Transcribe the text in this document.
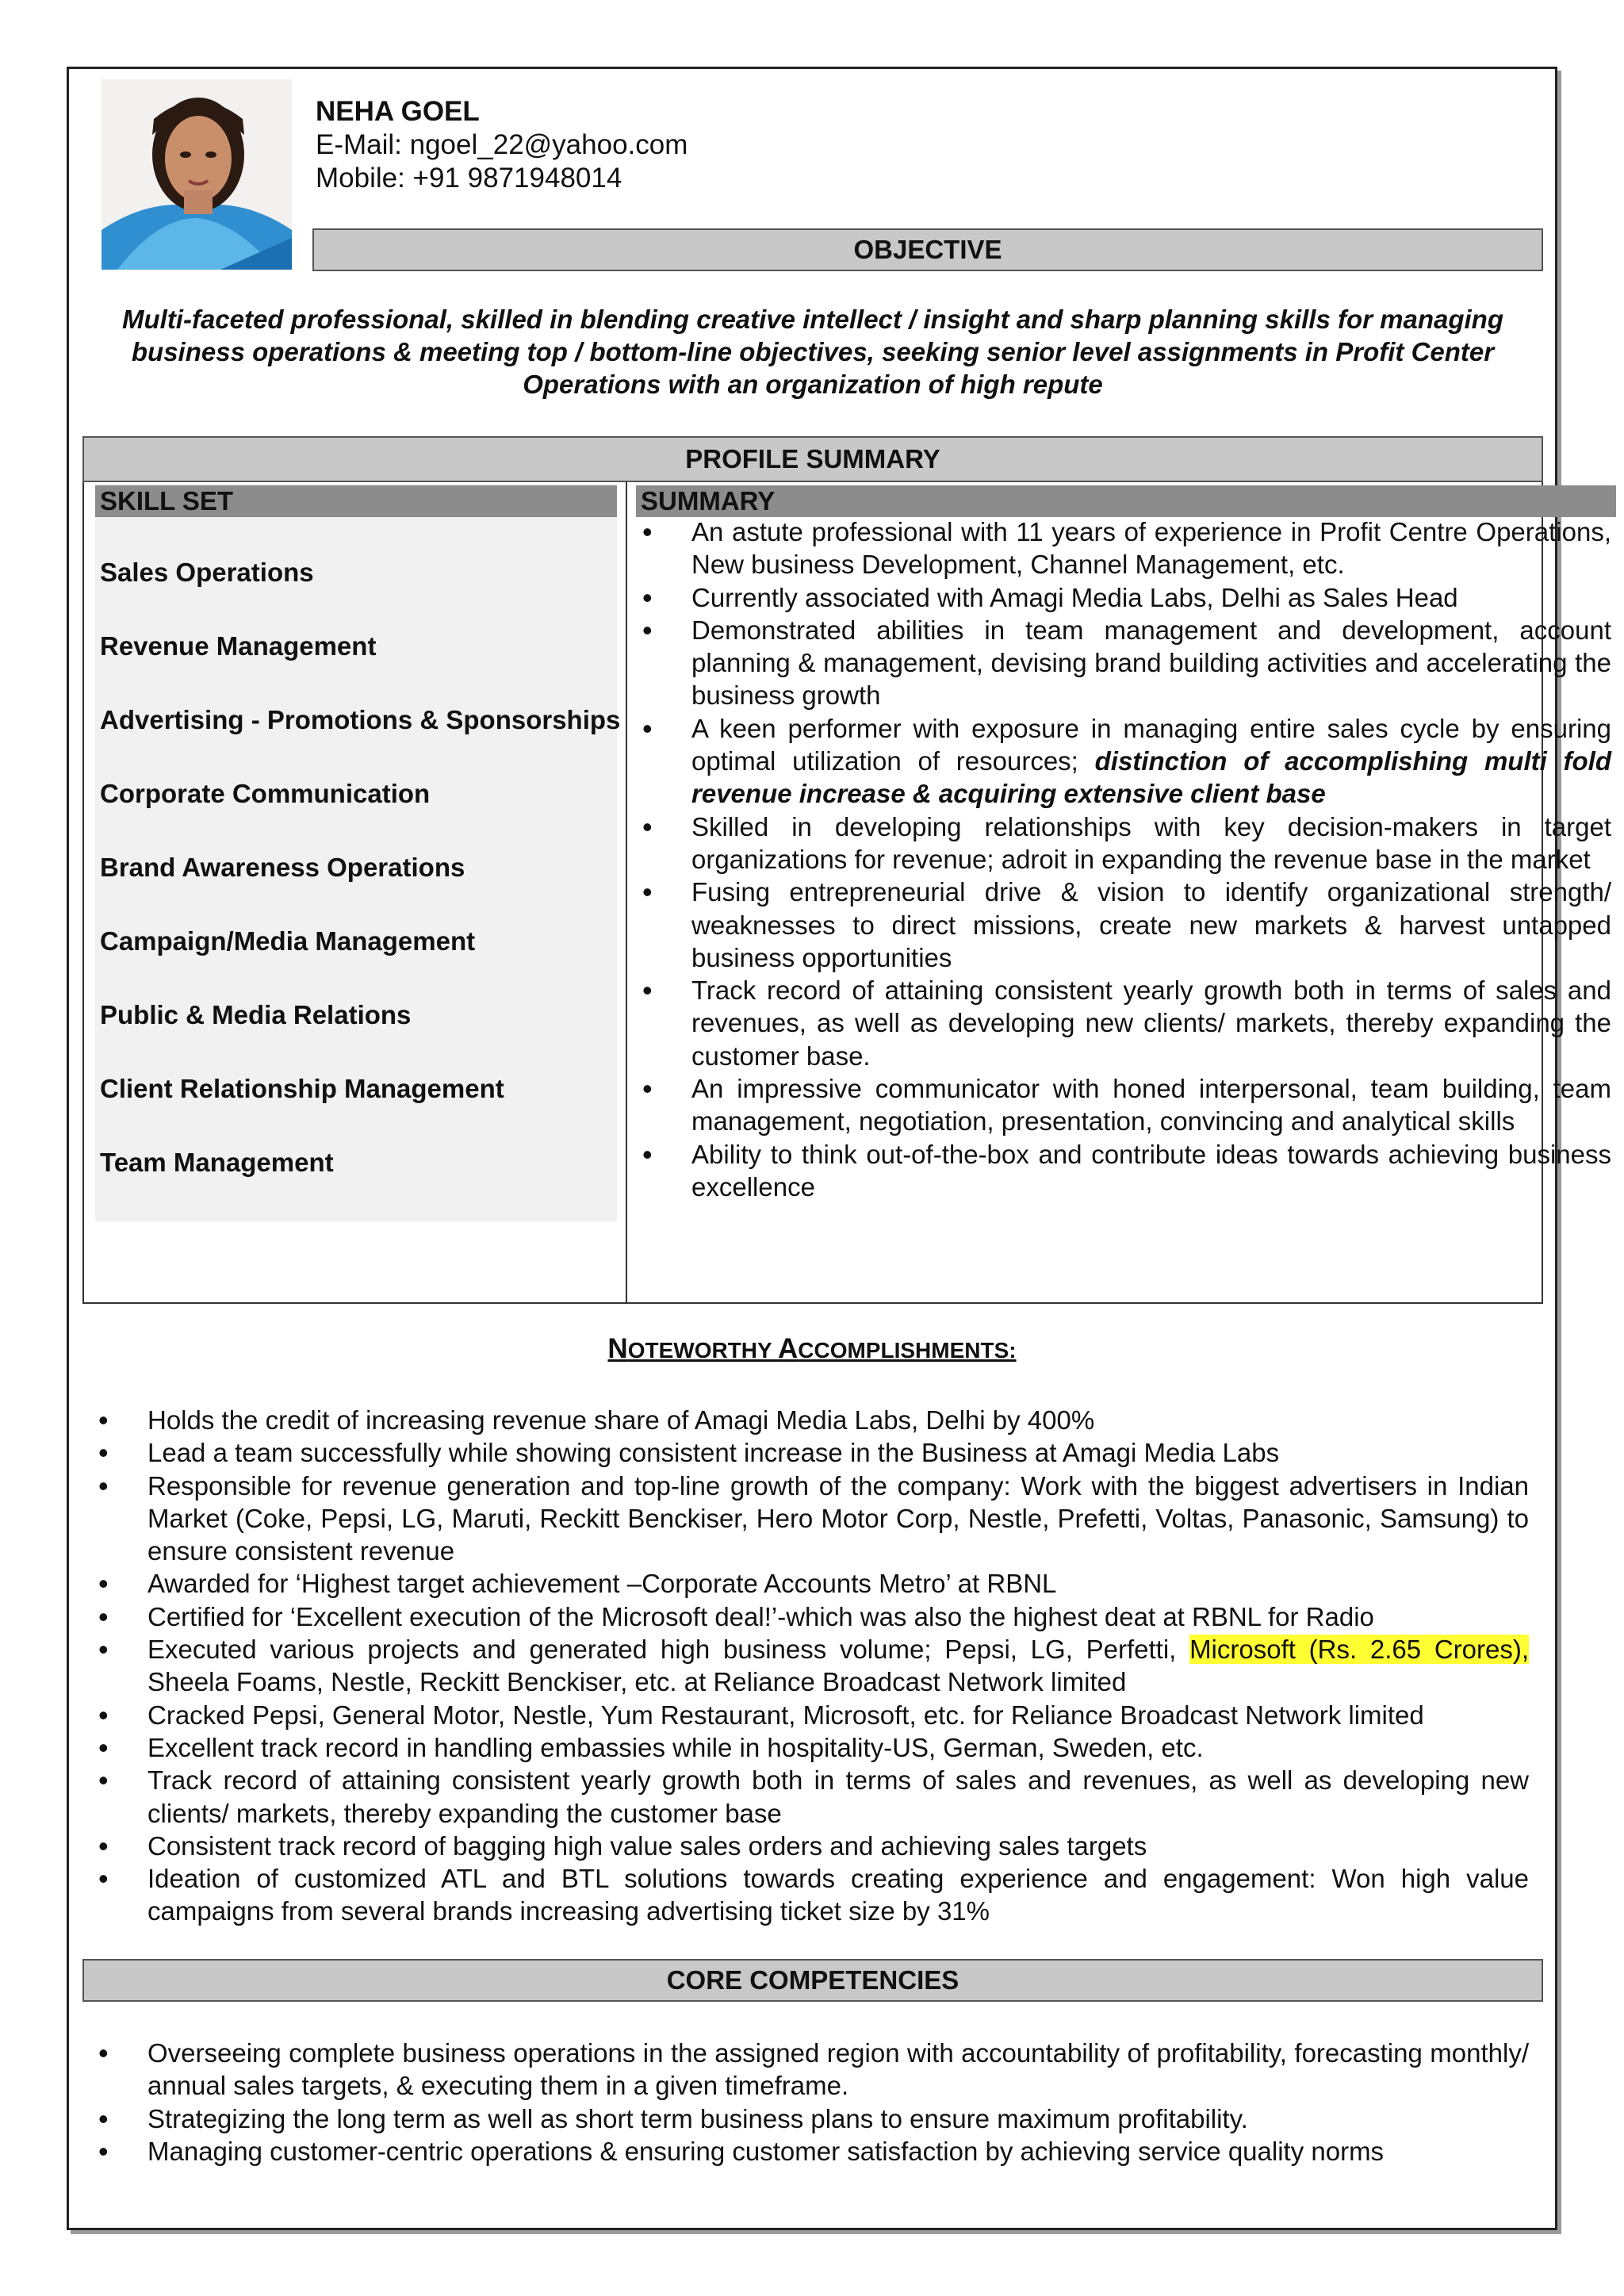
NEHA GOEL
E-Mail: ngoel_22@yahoo.com
Mobile: +91 9871948014
OBJECTIVE
Multi-faceted professional, skilled in blending creative intellect / insight and sharp planning skills for managing business operations & meeting top / bottom-line objectives, seeking senior level assignments in Profit Center Operations with an organization of high repute
PROFILE SUMMARY
SKILL SET	SUMMARY
Sales Operations
Revenue Management
Advertising - Promotions & Sponsorships
Corporate Communication
Brand Awareness Operations
Campaign/Media Management
Public & Media Relations
Client Relationship Management
Team Management
• An astute professional with 11 years of experience in Profit Centre Operations, New business Development, Channel Management, etc.
• Currently associated with Amagi Media Labs, Delhi as Sales Head
• Demonstrated abilities in team management and development, account planning & management, devising brand building activities and accelerating the business growth
• A keen performer with exposure in managing entire sales cycle by ensuring optimal utilization of resources; distinction of accomplishing multi fold revenue increase & acquiring extensive client base
• Skilled in developing relationships with key decision-makers in target organizations for revenue; adroit in expanding the revenue base in the market
• Fusing entrepreneurial drive & vision to identify organizational strength/ weaknesses to direct missions, create new markets & harvest untapped business opportunities
• Track record of attaining consistent yearly growth both in terms of sales and revenues, as well as developing new clients/ markets, thereby expanding the customer base.
• An impressive communicator with honed interpersonal, team building, team management, negotiation, presentation, convincing and analytical skills
• Ability to think out-of-the-box and contribute ideas towards achieving business excellence
NOTEWORTHY ACCOMPLISHMENTS:
• Holds the credit of increasing revenue share of Amagi Media Labs, Delhi by 400%
• Lead a team successfully while showing consistent increase in the Business at Amagi Media Labs
• Responsible for revenue generation and top-line growth of the company: Work with the biggest advertisers in Indian Market (Coke, Pepsi, LG, Maruti, Reckitt Benckiser, Hero Motor Corp, Nestle, Prefetti, Voltas, Panasonic, Samsung) to ensure consistent revenue
• Awarded for ‘Highest target achievement –Corporate Accounts Metro’ at RBNL
• Certified for ‘Excellent execution of the Microsoft deal!’-which was also the highest deat at RBNL for Radio
• Executed various projects and generated high business volume; Pepsi, LG, Perfetti, Microsoft (Rs. 2.65 Crores), Sheela Foams, Nestle, Reckitt Benckiser, etc. at Reliance Broadcast Network limited
• Cracked Pepsi, General Motor, Nestle, Yum Restaurant, Microsoft, etc. for Reliance Broadcast Network limited
• Excellent track record in handling embassies while in hospitality-US, German, Sweden, etc.
• Track record of attaining consistent yearly growth both in terms of sales and revenues, as well as developing new clients/ markets, thereby expanding the customer base
• Consistent track record of bagging high value sales orders and achieving sales targets
• Ideation of customized ATL and BTL solutions towards creating experience and engagement: Won high value campaigns from several brands increasing advertising ticket size by 31%
CORE COMPETENCIES
• Overseeing complete business operations in the assigned region with accountability of profitability, forecasting monthly/ annual sales targets, & executing them in a given timeframe.
• Strategizing the long term as well as short term business plans to ensure maximum profitability.
• Managing customer-centric operations & ensuring customer satisfaction by achieving service quality norms
